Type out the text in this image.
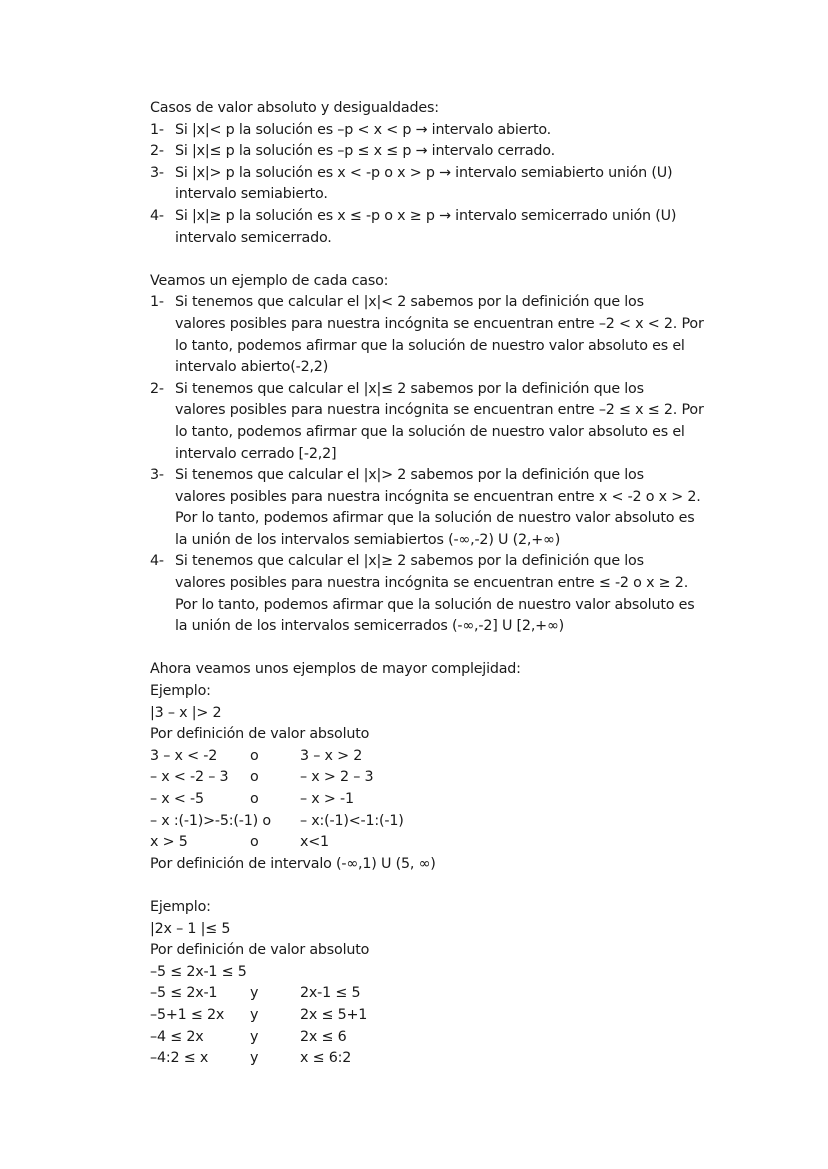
Casos de valor absoluto y desigualdades:
1- Si |x|< p la solución es –p < x < p → intervalo abierto.
2- Si |x|≤ p la solución es –p ≤ x ≤ p → intervalo cerrado.
3- Si |x|> p la solución es x < -p o x > p → intervalo semiabierto unión (U)
intervalo semiabierto.
4- Si |x|≥ p la solución es x ≤ -p o x ≥ p → intervalo semicerrado unión (U)
intervalo semicerrado.
Veamos un ejemplo de cada caso:
1- Si tenemos que calcular el |x|< 2 sabemos por la definición que los
valores posibles para nuestra incógnita se encuentran entre –2 < x < 2. Por
lo tanto, podemos afirmar que la solución de nuestro valor absoluto es el
intervalo abierto(-2,2)
2- Si tenemos que calcular el |x|≤ 2 sabemos por la definición que los
valores posibles para nuestra incógnita se encuentran entre –2 ≤ x ≤ 2. Por
lo tanto, podemos afirmar que la solución de nuestro valor absoluto es el
intervalo cerrado [-2,2]
3- Si tenemos que calcular el |x|> 2 sabemos por la definición que los
valores posibles para nuestra incógnita se encuentran entre x < -2 o x > 2.
Por lo tanto, podemos afirmar que la solución de nuestro valor absoluto es
la unión de los intervalos semiabiertos (-∞,-2) U (2,+∞)
4- Si tenemos que calcular el |x|≥ 2 sabemos por la definición que los
valores posibles para nuestra incógnita se encuentran entre ≤ -2 o x ≥ 2.
Por lo tanto, podemos afirmar que la solución de nuestro valor absoluto es
la unión de los intervalos semicerrados (-∞,-2] U [2,+∞)
Ahora veamos unos ejemplos de mayor complejidad:
Ejemplo:
|3 – x |> 2
Por definición de valor absoluto
3 – x < -2	o	3 – x > 2
– x < -2 – 3	o	– x > 2 – 3
– x < -5	o	– x > -1
– x :(-1)>-5:(-1) o – x:(-1)<-1:(-1)
x > 5	o	x<1
Por definición de intervalo (-∞,1) U (5, ∞)
Ejemplo:
|2x – 1 |≤ 5
Por definición de valor absoluto
–5 ≤ 2x-1 ≤ 5
–5 ≤ 2x-1	y	2x-1 ≤ 5
–5+1 ≤ 2x	y	2x ≤ 5+1
–4 ≤ 2x	y	2x ≤ 6
–4:2 ≤ x	y	x ≤ 6:2
